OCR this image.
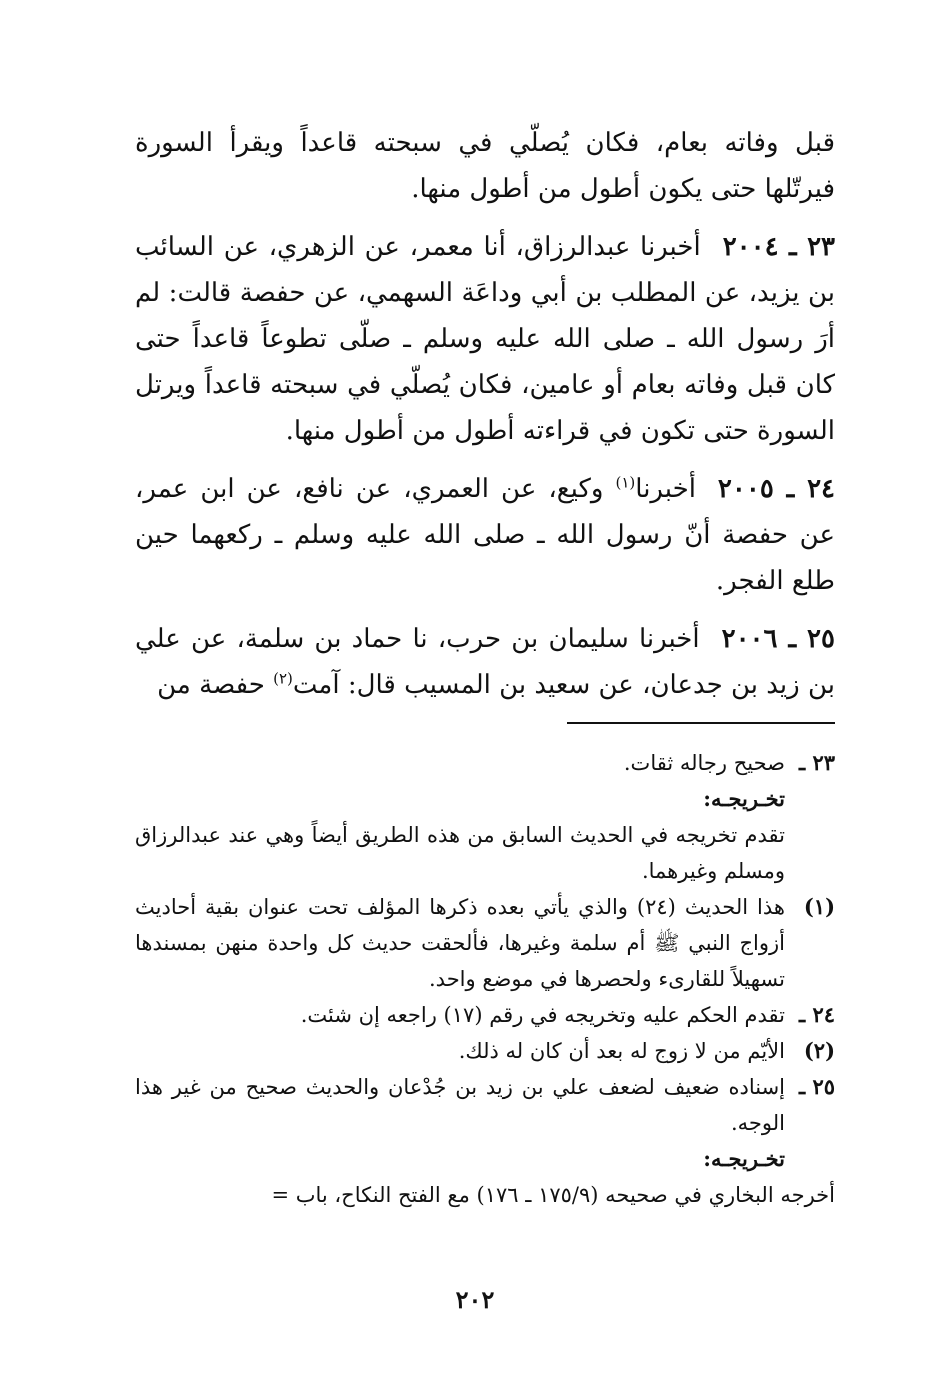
قبل وفاته بعام، فكان يُصلّي في سبحته قاعداً ويقرأ السورة فيرتّلها حتى يكون أطول من أطول منها.

٢٣ ـ ٢٠٠٤أخبرنا عبدالرزاق، أنا معمر، عن الزهري، عن السائب بن يزيد، عن المطلب بن أبي وداعَة السهمي، عن حفصة قالت: لم أرَ رسول الله ـ صلى الله عليه وسلم ـ صلّى تطوعاً قاعداً حتى كان قبل وفاته بعام أو عامين، فكان يُصلّي في سبحته قاعداً ويرتل السورة حتى تكون في قراءته أطول من أطول منها.

٢٤ ـ ٢٠٠٥أخبرنا$^{(١)}$ وكيع، عن العمري، عن نافع، عن ابن عمر، عن حفصة أنّ رسول الله ـ صلى الله عليه وسلم ـ ركعهما حين طلع الفجر.

٢٥ ـ ٢٠٠٦أخبرنا سليمان بن حرب، نا حماد بن سلمة، عن علي بن زيد بن جدعان، عن سعيد بن المسيب قال: آمت$^{(٢)}$ حفصة من

٢٣ ـ
صحيح رجاله ثقات.
تخـريجـه:
تقدم تخريجه في الحديث السابق من هذه الطريق أيضاً وهي عند عبدالرزاق ومسلم وغيرهما.
(١)
هذا الحديث (٢٤) والذي يأتي بعده ذكرها المؤلف تحت عنوان بقية أحاديث أزواج النبي ﷺ أم سلمة وغيرها، فألحقت حديث كل واحدة منهن بمسندها تسهيلاً للقارىء ولحصرها في موضع واحد.
٢٤ ـ
تقدم الحكم عليه وتخريجه في رقم (١٧) راجعه إن شئت.
(٢)
الأيّم من لا زوج له بعد أن كان له ذلك.
٢٥ ـ
إسناده ضعيف لضعف علي بن زيد بن جُدْعان والحديث صحيح من غير هذا الوجه.
تخـريجـه:
أخرجه البخاري في صحيحه (١٧٥/٩ ـ ١٧٦) مع الفتح النكاح، باب =
٢٠٢
